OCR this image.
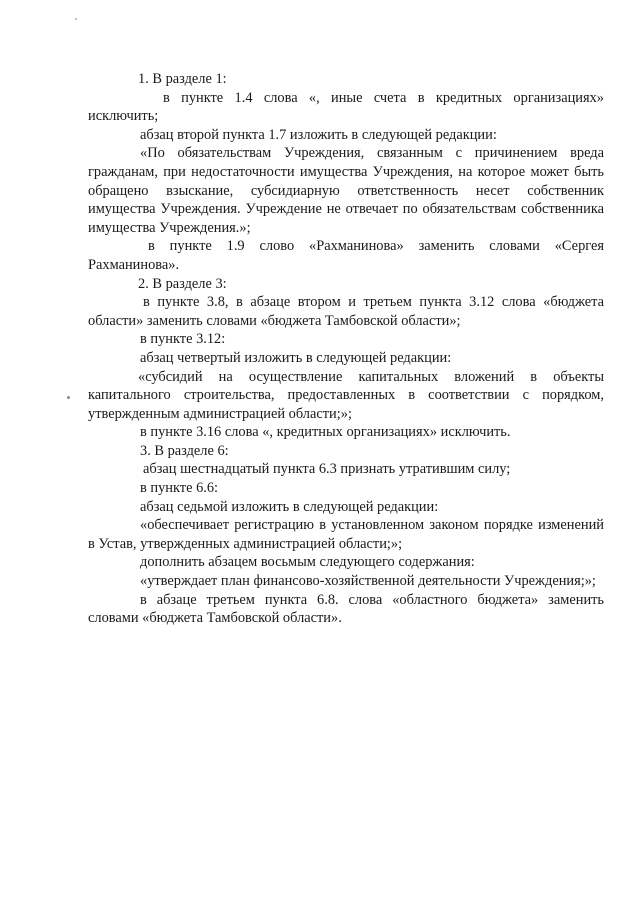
1. В разделе 1:

в пункте 1.4 слова «, иные счета в кредитных организациях» исключить;

абзац второй пункта 1.7 изложить в следующей редакции:

«По обязательствам Учреждения, связанным с причинением вреда гражданам, при недостаточности имущества Учреждения, на которое может быть обращено взыскание, субсидиарную ответственность несет собственник имущества Учреждения. Учреждение не отвечает по обязательствам собственника имущества Учреждения.»;

в пункте 1.9 слово «Рахманинова» заменить словами «Сергея Рахманинова».

2. В разделе 3:

в пункте 3.8, в абзаце втором и третьем пункта 3.12 слова «бюджета области» заменить словами «бюджета Тамбовской области»;

в пункте 3.12:

абзац четвертый изложить в следующей редакции:

«субсидий на осуществление капитальных вложений в объекты капитального строительства, предоставленных в соответствии с порядком, утвержденным администрацией области;»;

в пункте 3.16 слова «, кредитных организациях» исключить.

3. В разделе 6:

абзац шестнадцатый пункта 6.3 признать утратившим силу;

в пункте 6.6:

абзац седьмой изложить в следующей редакции:

«обеспечивает регистрацию в установленном законом порядке изменений в Устав, утвержденных администрацией области;»;

дополнить абзацем восьмым следующего содержания:

«утверждает план финансово-хозяйственной деятельности Учреждения;»;

в абзаце третьем пункта 6.8. слова «областного бюджета» заменить словами «бюджета Тамбовской области».
